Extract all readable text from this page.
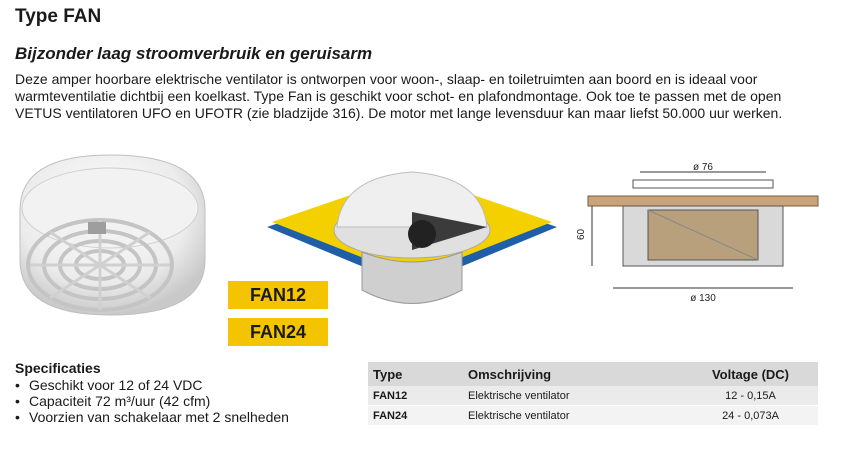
Type FAN
Bijzonder laag stroomverbruik en geruisarm
Deze amper hoorbare elektrische ventilator is ontworpen voor woon-, slaap- en toiletruimten aan boord en is ideaal voor
warmteventilatie dichtbij een koelkast. Type Fan is geschikt voor schot- en plafondmontage. Ook toe te passen met de open
VETUS ventilatoren UFO en UFOTR (zie bladzijde 316). De motor met lange levensduur kan maar liefst 50.000 uur werken.
ø 76
60
ø 130
FAN12
FAN24
Specificaties
• Geschikt voor 12 of 24 VDC
• Capaciteit 72 m³/uur (42 cfm)
• Voorzien van schakelaar met 2 snelheden
Type	Omschrijving	Voltage (DC)
FAN12	Elektrische ventilator	12 - 0,15A
FAN24	Elektrische ventilator	24 - 0,073A
